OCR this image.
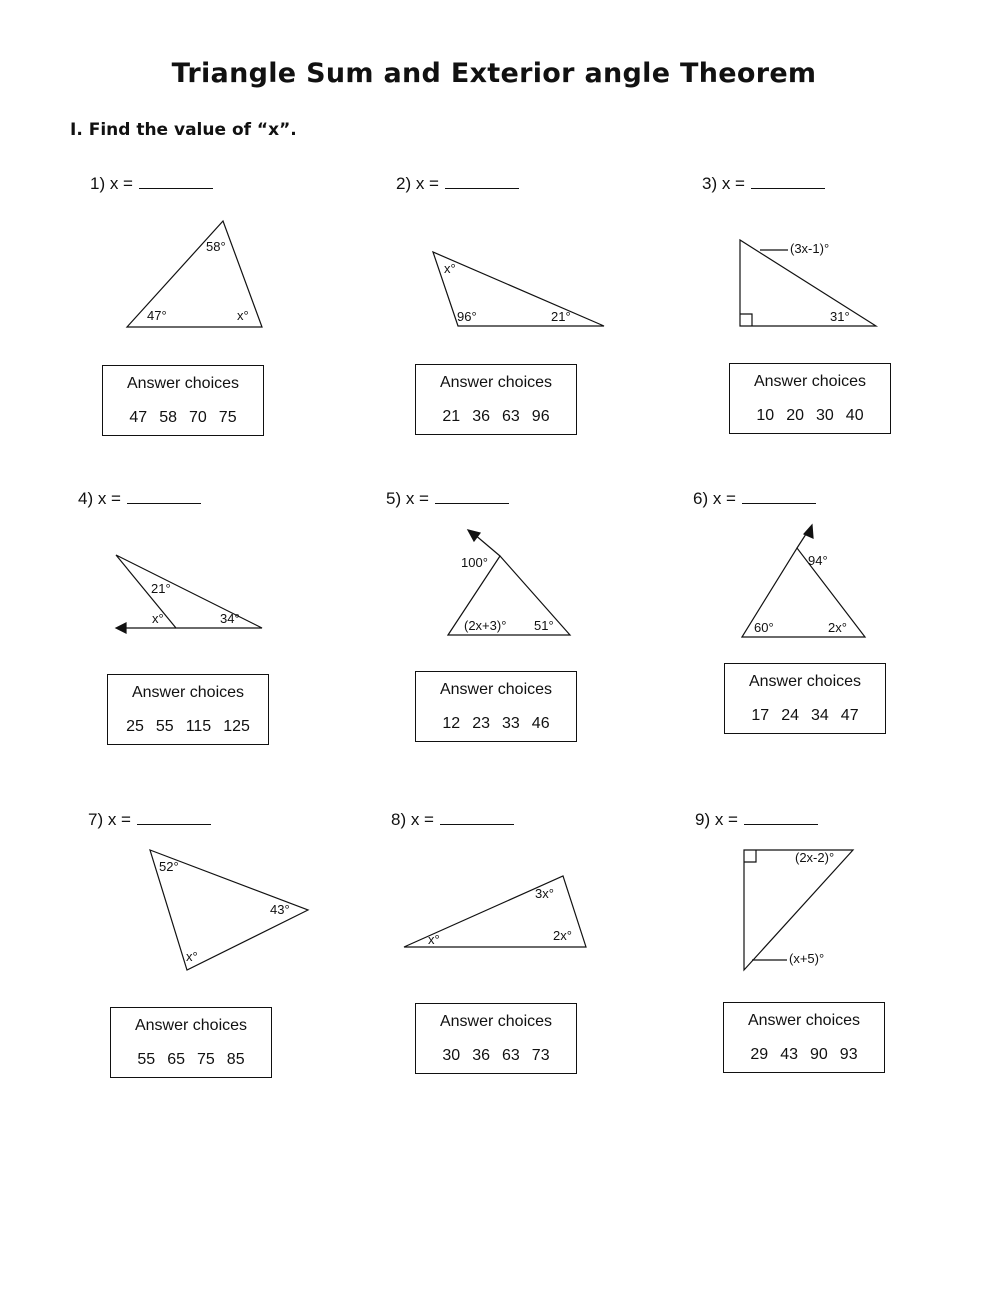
Triangle Sum and Exterior angle Theorem
I. Find the value of “x”.
1) x =	2) x =	3) x =
4) x =	5) x =	6) x =
7) x =	8) x =	9) x =
58°
47°	x°
x°
96°	21°
(3x-1)°
31°
21°
x°	34°
100°
(2x+3)° 51°
94°
60°	2x°
52°
43°
x°
3x°
x°	2x°
(2x-2)°
(x+5)°
Answer choices
47 58 70 75
Answer choices
21 36 63 96
Answer choices
10 20 30 40
Answer choices
25 55 115 125
Answer choices
12 23 33 46
Answer choices
17 24 34 47
Answer choices
55 65 75 85
Answer choices
30 36 63 73
Answer choices
29 43 90 93
